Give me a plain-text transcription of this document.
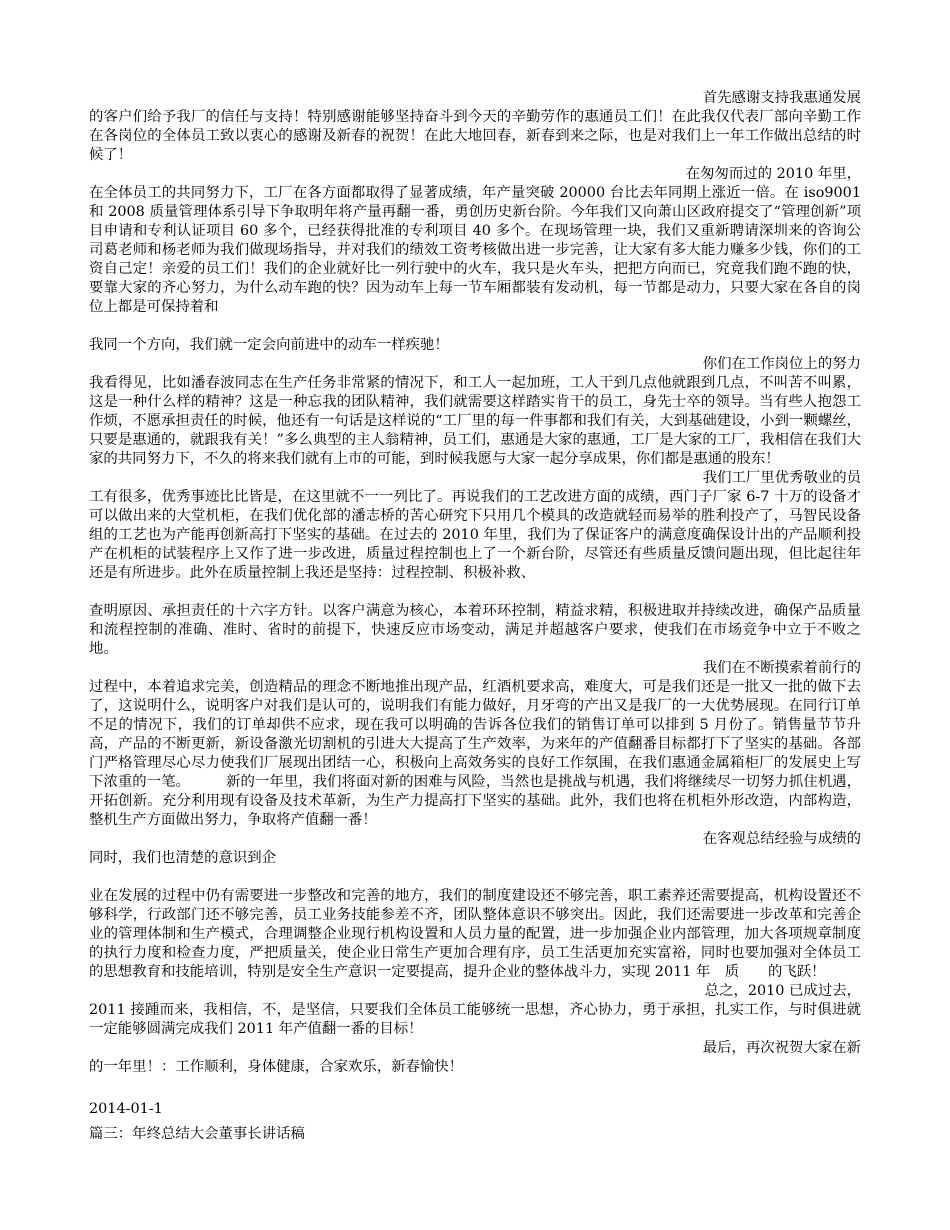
首先感谢支持我惠通发展

的客户们给予我厂的信任与支持！特别感谢能够坚持奋斗到今天的辛勤劳作的惠通员工们！在此我仅代表厂部向辛勤工作在各岗位的全体员工致以衷心的感谢及新春的祝贺！在此大地回春，新春到来之际，也是对我们上一年工作做出总结的时候了！

在匆匆而过的 2010 年里，

在全体员工的共同努力下，工厂在各方面都取得了显著成绩，年产量突破 20000 台比去年同期上涨近一倍。在 iso9001 和 2008 质量管理体系引导下争取明年将产量再翻一番，勇创历史新台阶。今年我们又向萧山区政府提交了“管理创新”项目申请和专利认证项目 60 多个，已经获得批准的专利项目 40 多个。在现场管理一块，我们又重新聘请深圳来的咨询公司葛老师和杨老师为我们做现场指导，并对我们的绩效工资考核做出进一步完善，让大家有多大能力赚多少钱，你们的工资自己定！亲爱的员工们！我们的企业就好比一列行驶中的火车，我只是火车头，把把方向而已，究竟我们跑不跑的快，要靠大家的齐心努力，为什么动车跑的快？因为动车上每一节车厢都装有发动机，每一节都是动力，只要大家在各自的岗位上都是可保持着和

我同一个方向，我们就一定会向前进中的动车一样疾驰！

你们在工作岗位上的努力

我看得见，比如潘春波同志在生产任务非常紧的情况下，和工人一起加班，工人干到几点他就跟到几点，不叫苦不叫累，这是一种什么样的精神？这是一种忘我的团队精神，我们就需要这样踏实肯干的员工，身先士卒的领导。当有些人抱怨工作烦，不愿承担责任的时候，他还有一句话是这样说的“工厂里的每一件事都和我们有关，大到基础建设，小到一颗螺丝，只要是惠通的，就跟我有关！”多么典型的主人翁精神，员工们，惠通是大家的惠通，工厂是大家的工厂，我相信在我们大家的共同努力下，不久的将来我们就有上市的可能，到时候我愿与大家一起分享成果，你们都是惠通的股东！

我们工厂里优秀敬业的员

工有很多，优秀事迹比比皆是，在这里就不一一列比了。再说我们的工艺改进方面的成绩，西门子厂家 6-7 十万的设备才可以做出来的大堂机柜，在我们优化部的潘志桥的苦心研究下只用几个模具的改造就轻而易举的胜利投产了，马智民设备组的工艺也为产能再创新高打下坚实的基础。在过去的 2010 年里，我们为了保证客户的满意度确保设计出的产品顺利投产在机柜的试装程序上又作了进一步改进，质量过程控制也上了一个新台阶，尽管还有些质量反馈问题出现，但比起往年还是有所进步。此外在质量控制上我还是坚持：过程控制、积极补救、

查明原因、承担责任的十六字方针。以客户满意为核心，本着环环控制，精益求精，积极进取并持续改进，确保产品质量和流程控制的准确、准时、省时的前提下，快速反应市场变动，满足并超越客户要求，使我们在市场竞争中立于不败之地。

我们在不断摸索着前行的

过程中，本着追求完美，创造精品的理念不断地推出现产品，红酒机要求高，难度大，可是我们还是一批又一批的做下去了，这说明什么，说明客户对我们是认可的，说明我们有能力做好，月牙弯的产出又是我厂的一大优势展现。在同行订单不足的情况下，我们的订单却供不应求，现在我可以明确的告诉各位我们的销售订单可以排到 5 月份了。销售量节节升高，产品的不断更新，新设备激光切割机的引进大大提高了生产效率，为来年的产值翻番目标都打下了坚实的基础。各部门严格管理尽心尽力使我们厂展现出团结一心，积极向上高效务实的良好工作氛围，在我们惠通金属箱柜厂的发展史上写下浓重的一笔。　　　新的一年里，我们将面对新的困难与风险，当然也是挑战与机遇，我们将继续尽一切努力抓住机遇，开拓创新。充分利用现有设备及技术革新，为生产力提高打下坚实的基础。此外，我们也将在机柜外形改造，内部构造，整机生产方面做出努力，争取将产值翻一番！

在客观总结经验与成绩的

同时，我们也清楚的意识到企

业在发展的过程中仍有需要进一步整改和完善的地方，我们的制度建设还不够完善，职工素养还需要提高，机构设置还不够科学，行政部门还不够完善，员工业务技能参差不齐，团队整体意识不够突出。因此，我们还需要进一步改革和完善企业的管理体制和生产模式，合理调整企业现行机构设置和人员力量的配置，进一步加强企业内部管理，加大各项规章制度的执行力度和检查力度，严把质量关，使企业日常生产更加合理有序，员工生活更加充实富裕，同时也要加强对全体员工的思想教育和技能培训，特别是安全生产意识一定要提高，提升企业的整体战斗力，实现 2011 年　质　　的飞跃！

总之，2010 已成过去，

2011 接踵而来，我相信，不，是坚信，只要我们全体员工能够统一思想，齐心协力，勇于承担，扎实工作，与时俱进就一定能够圆满完成我们 2011 年产值翻一番的目标！

最后，再次祝贺大家在新

的一年里！：工作顺利，身体健康，合家欢乐，新春愉快！

2014-01-1
篇三：年终总结大会董事长讲话稿
